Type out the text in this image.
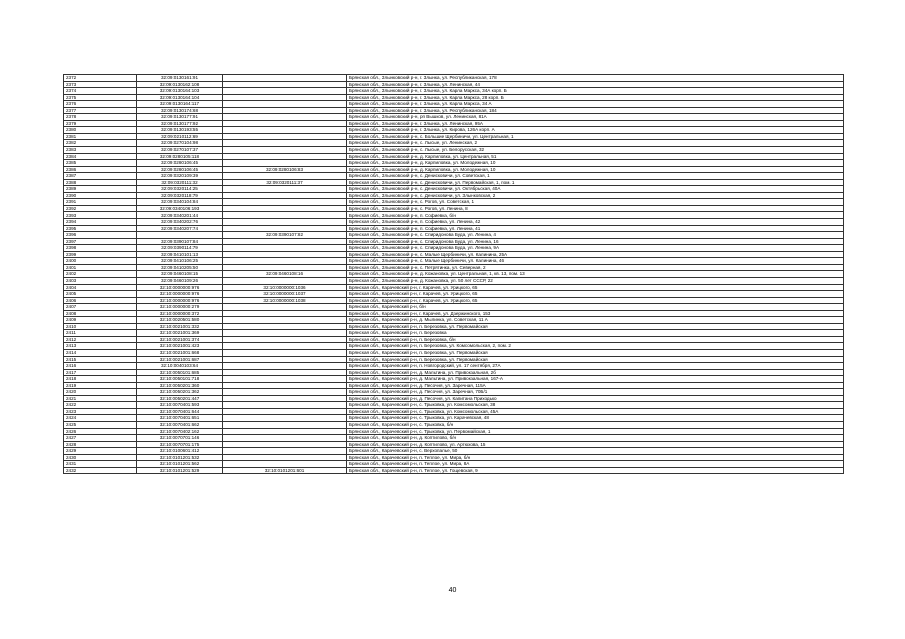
2372	32:09:0130161:91		Брянская обл., Злынковский р-н, г. Злынка, ул. Республиканская, 178
2373	32:09:0130162:108		Брянская обл., Злынковский р-н, г. Злынка, ул. Ленинская, 44
2374	32:09:0130164:103		Брянская обл., Злынковский р-н, г. Злынка, ул. Карла Маркса, 34А корп. Б
2375	32:09:0130164:104		Брянская обл., Злынковский р-н, г. Злынка, ул. Карла Маркса, 28 корп. Б
2376	32:09:0130164:117		Брянская обл., Злынковский р-н, г. Злынка, ул. Карла Маркса, 34 А
2377	32:09:0130174:68		Брянская обл., Злынковский р-н, г. Злынка, ул. Республиканская, 184
2378	32:09:0130177:91		Брянская обл., Злынковский р-н, рп Вышков, ул. Ленинская, 81А
2379	32:09:0130177:92		Брянская обл., Злынковский р-н, г. Злынка, ул. Ленинская, 95А
2380	32:09:0130193:55		Брянская обл., Злынковский р-н, г. Злынка, ул. Кирова, 126А корп. А
2381	32:09:0210112:69		Брянская обл., Злынковский р-н, с. Большие Щербиничи, ул. Центральная, 1
2382	32:09:0270104:98		Брянская обл., Злынковский р-н, с. Лысые, ул. Ленинская, 2
2383	32:09:0270107:37		Брянская обл., Злынковский р-н, с. Лысые, ул. Белорусская, 32
2384	32:09:0280105:118		Брянская обл., Злынковский р-н, д. Карпиловка, ул. Центральная, 51
2385	32:09:0280106:45		Брянская обл., Злынковский р-н, д. Карпиловка, ул. Молодежная, 10
2386	32:09:0280106:45	32:09:0280106:83	Брянская обл., Злынковский р-н, д. Карпиловка, ул. Молодежная, 10
2387	32:09:0320109:39		Брянская обл., Злынковский р-н, с. Денисковичи, ул. Советская, 1
2388	32:09:0320111:32	32:09:0320111:37	Брянская обл., Злынковский р-н, с. Денисковичи, ул. Первомайская, 1, пом. 1
2389	32:09:0320114:25		Брянская обл., Злынковский р-н, с. Денисковичи, ул. Октябрьская, 40А
2390	32:09:0320118:79		Брянская обл., Злынковский р-н, с. Денисковичи, ул. Злынковская, 2
2391	32:09:0340104:84		Брянская обл., Злынковский р-н, с. Рогов, ул. Советская, 1
2392	32:09:0340106:193		Брянская обл., Злынковский р-н, с. Рогов, ул. Ленина, 8
2393	32:09:0340201:44		Брянская обл., Злынковский р-н, п. Софиевка, б/н
2394	32:09:0340202:76		Брянская обл., Злынковский р-н, п. Софиевка, ул. Ленина, 42
2395	32:09:0340207:74		Брянская обл., Злынковский р-н, п. Софиевка, ул. Ленина, 41
2396		32:09:0390107:82	Брянская обл., Злынковский р-н, с. Спиридонова Буда, ул. Ленина, 4
2397	32:09:0390107:84		Брянская обл., Злынковский р-н, с. Спиридонова Буда, ул. Ленина, 16
2398	32:09:0390114:79		Брянская обл., Злынковский р-н, с. Спиридонова Буда, ул. Ленина, 9А
2399	32:09:0410101:13		Брянская обл., Злынковский р-н, с. Малые Щербиничи, ул. Калинина, 25А
2400	32:09:0410106:25		Брянская обл., Злынковский р-н, с. Малые Щербиничи, ул. Калинина, 46
2401	32:09:0410205:50		Брянская обл., Злынковский р-н, с. Петрятинка, ул. Северная, 2
2402	32:09:0460108:15	32:09:0460108:16	Брянская обл., Злынковский р-н, д. Кожановка, ул. Центральная, 1, кв. 13, пом. 13
2403	32:09:0460109:26		Брянская обл., Злынковский р-н, д. Кожановка, ул. 50 лет СССР, 22
2404	32:10:0000000:976	32:10:0000000:1036	Брянская обл., Карачевский р-н, г. Карачев, ул. Урицкого, 65
2405	32:10:0000000:976	32:10:0000000:1037	Брянская обл., Карачевский р-н, г. Карачев, ул. Урицкого, 65
2406	32:10:0000000:976	32:10:0000000:1038	Брянская обл., Карачевский р-н, г. Карачев, ул. Урицкого, 65
2407	32:10:0000000:279		Брянская обл., Карачевский р-н, б/н
2408	32:10:0000000:372		Брянская обл., Карачевский р-н, г. Карачев, ул. Дзержинского, 153
2409	32:10:0020501:580		Брянская обл., Карачевский р-н, д. Мылинка, ул. Советская, 11 А
2410	32:10:0021001:332		Брянская обл., Карачевский р-н, п. Березовка, ул. Первомайская
2411	32:10:0021001:369		Брянская обл., Карачевский р-н, п. Березовка
2412	32:10:0021001:374		Брянская обл., Карачевский р-н, п. Березовка, б/н
2413	32:10:0021001:423		Брянская обл., Карачевский р-н, п. Березовка, ул. Комсомольская, 2, пом. 2
2414	32:10:0021001:668		Брянская обл., Карачевский р-н, п. Березовка, ул. Первомайская
2415	32:10:0021001:687		Брянская обл., Карачевский р-н, п. Березовка, ул. Первомайская
2416	32:10:0040103:64		Брянская обл., Карачевский р-н, п. Новгородский, ул. 17 сентября, 27А
2417	32:10:0050101:685		Брянская обл., Карачевский р-н, д. Мальтина, ул. Привокзальная, 2б
2418	32:10:0050101:718		Брянская обл., Карачевский р-н, д. Мальтина, ул. Привокзальная, 167-А
2419	32:10:0050201:360		Брянская обл., Карачевский р-н, д. Песочня, ул. Заречная, 115А
2420	32:10:0050201:362		Брянская обл., Карачевский р-н, д. Песочня, ул. Заречная, 70Б/1
2421	32:10:0050201:447		Брянская обл., Карачевский р-н, д. Песочня, ул. Капитана Приходько
2422	32:10:0070401:593		Брянская обл., Карачевский р-н, с. Трыковка, ул. Комсомольская, 38
2423	32:10:0070401:644		Брянская обл., Карачевский р-н, с. Трыковка, ул. Комсомольская, 45А
2424	32:10:0070401:651		Брянская обл., Карачевский р-н, с. Трыковка, ул. Карачевская, 48
2425	32:10:0070401:662		Брянская обл., Карачевский р-н, с. Трыковка, б/н
2426	32:10:0070402:162		Брянская обл., Карачевский р-н, с. Трыковка, ул. Первомайская, 1
2427	32:10:0070701:146		Брянская обл., Карачевский р-н, д. Коптилово, б/н
2428	32:10:0070701:175		Брянская обл., Карачевский р-н, д. Коптилово, ул. Артюхова, 15
2429	32:10:0100601:412		Брянская обл., Карачевский р-н, с. Верхопалье, 50
2430	32:10:0101201:532		Брянская обл., Карачевский р-н, п. Теплое, ул. Мира, б/н
2431	32:10:0101201:562		Брянская обл., Карачевский р-н, п. Теплое, ул. Мира, 8А
2432	32:10:0101201:529	32:10:0101201:601	Брянская обл., Карачевский р-н, п. Теплое, ул. Гощевская, 9
40
